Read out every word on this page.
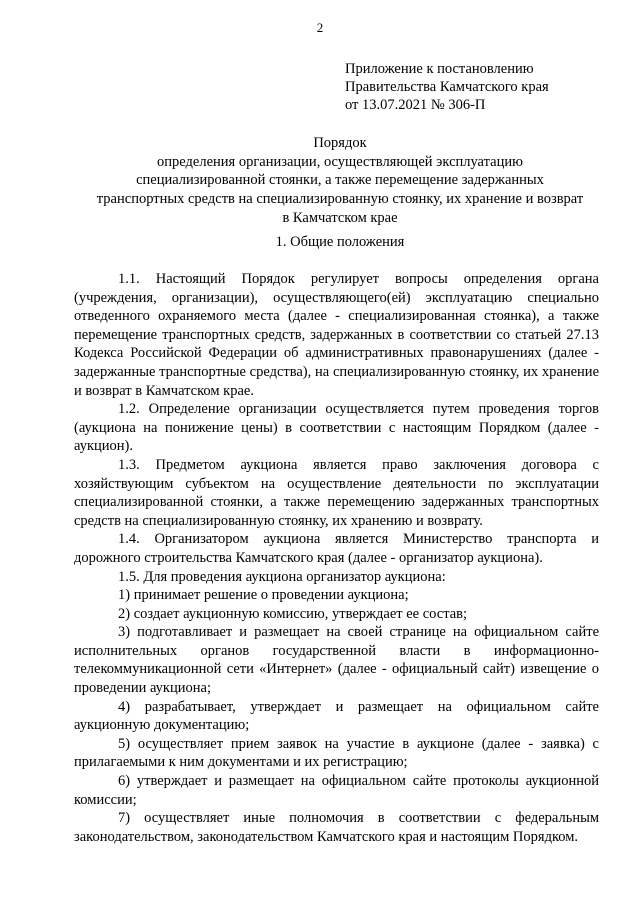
2
Приложение к постановлению
Правительства Камчатского края
от 13.07.2021 № 306-П
Порядок
определения организации, осуществляющей эксплуатацию
специализированной стоянки, а также перемещение задержанных
транспортных средств на специализированную стоянку, их хранение и возврат
в Камчатском крае
1. Общие положения

1.1. Настоящий Порядок регулирует вопросы определения органа (учреждения, организации), осуществляющего(ей) эксплуатацию специально отведенного охраняемого места (далее - специализированная стоянка), а также перемещение транспортных средств, задержанных в соответствии со статьей 27.13 Кодекса Российской Федерации об административных правонарушениях (далее - задержанные транспортные средства), на специализированную стоянку, их хранение и возврат в Камчатском крае.

1.2. Определение организации осуществляется путем проведения торгов (аукциона на понижение цены) в соответствии с настоящим Порядком (далее - аукцион).

1.3. Предметом аукциона является право заключения договора с хозяйствующим субъектом на осуществление деятельности по эксплуатации специализированной стоянки, а также перемещению задержанных транспортных средств на специализированную стоянку, их хранению и возврату.

1.4. Организатором аукциона является Министерство транспорта и дорожного строительства Камчатского края (далее - организатор аукциона).

1.5. Для проведения аукциона организатор аукциона:

1) принимает решение о проведении аукциона;

2) создает аукционную комиссию, утверждает ее состав;

3) подготавливает и размещает на своей странице на официальном сайте исполнительных органов государственной власти в информационно-телекоммуникационной сети «Интернет» (далее - официальный сайт) извещение о проведении аукциона;

4) разрабатывает, утверждает и размещает на официальном сайте аукционную документацию;

5) осуществляет прием заявок на участие в аукционе (далее - заявка) с прилагаемыми к ним документами и их регистрацию;

6) утверждает и размещает на официальном сайте протоколы аукционной комиссии;

7) осуществляет иные полномочия в соответствии с федеральным законодательством, законодательством Камчатского края и настоящим Порядком.
